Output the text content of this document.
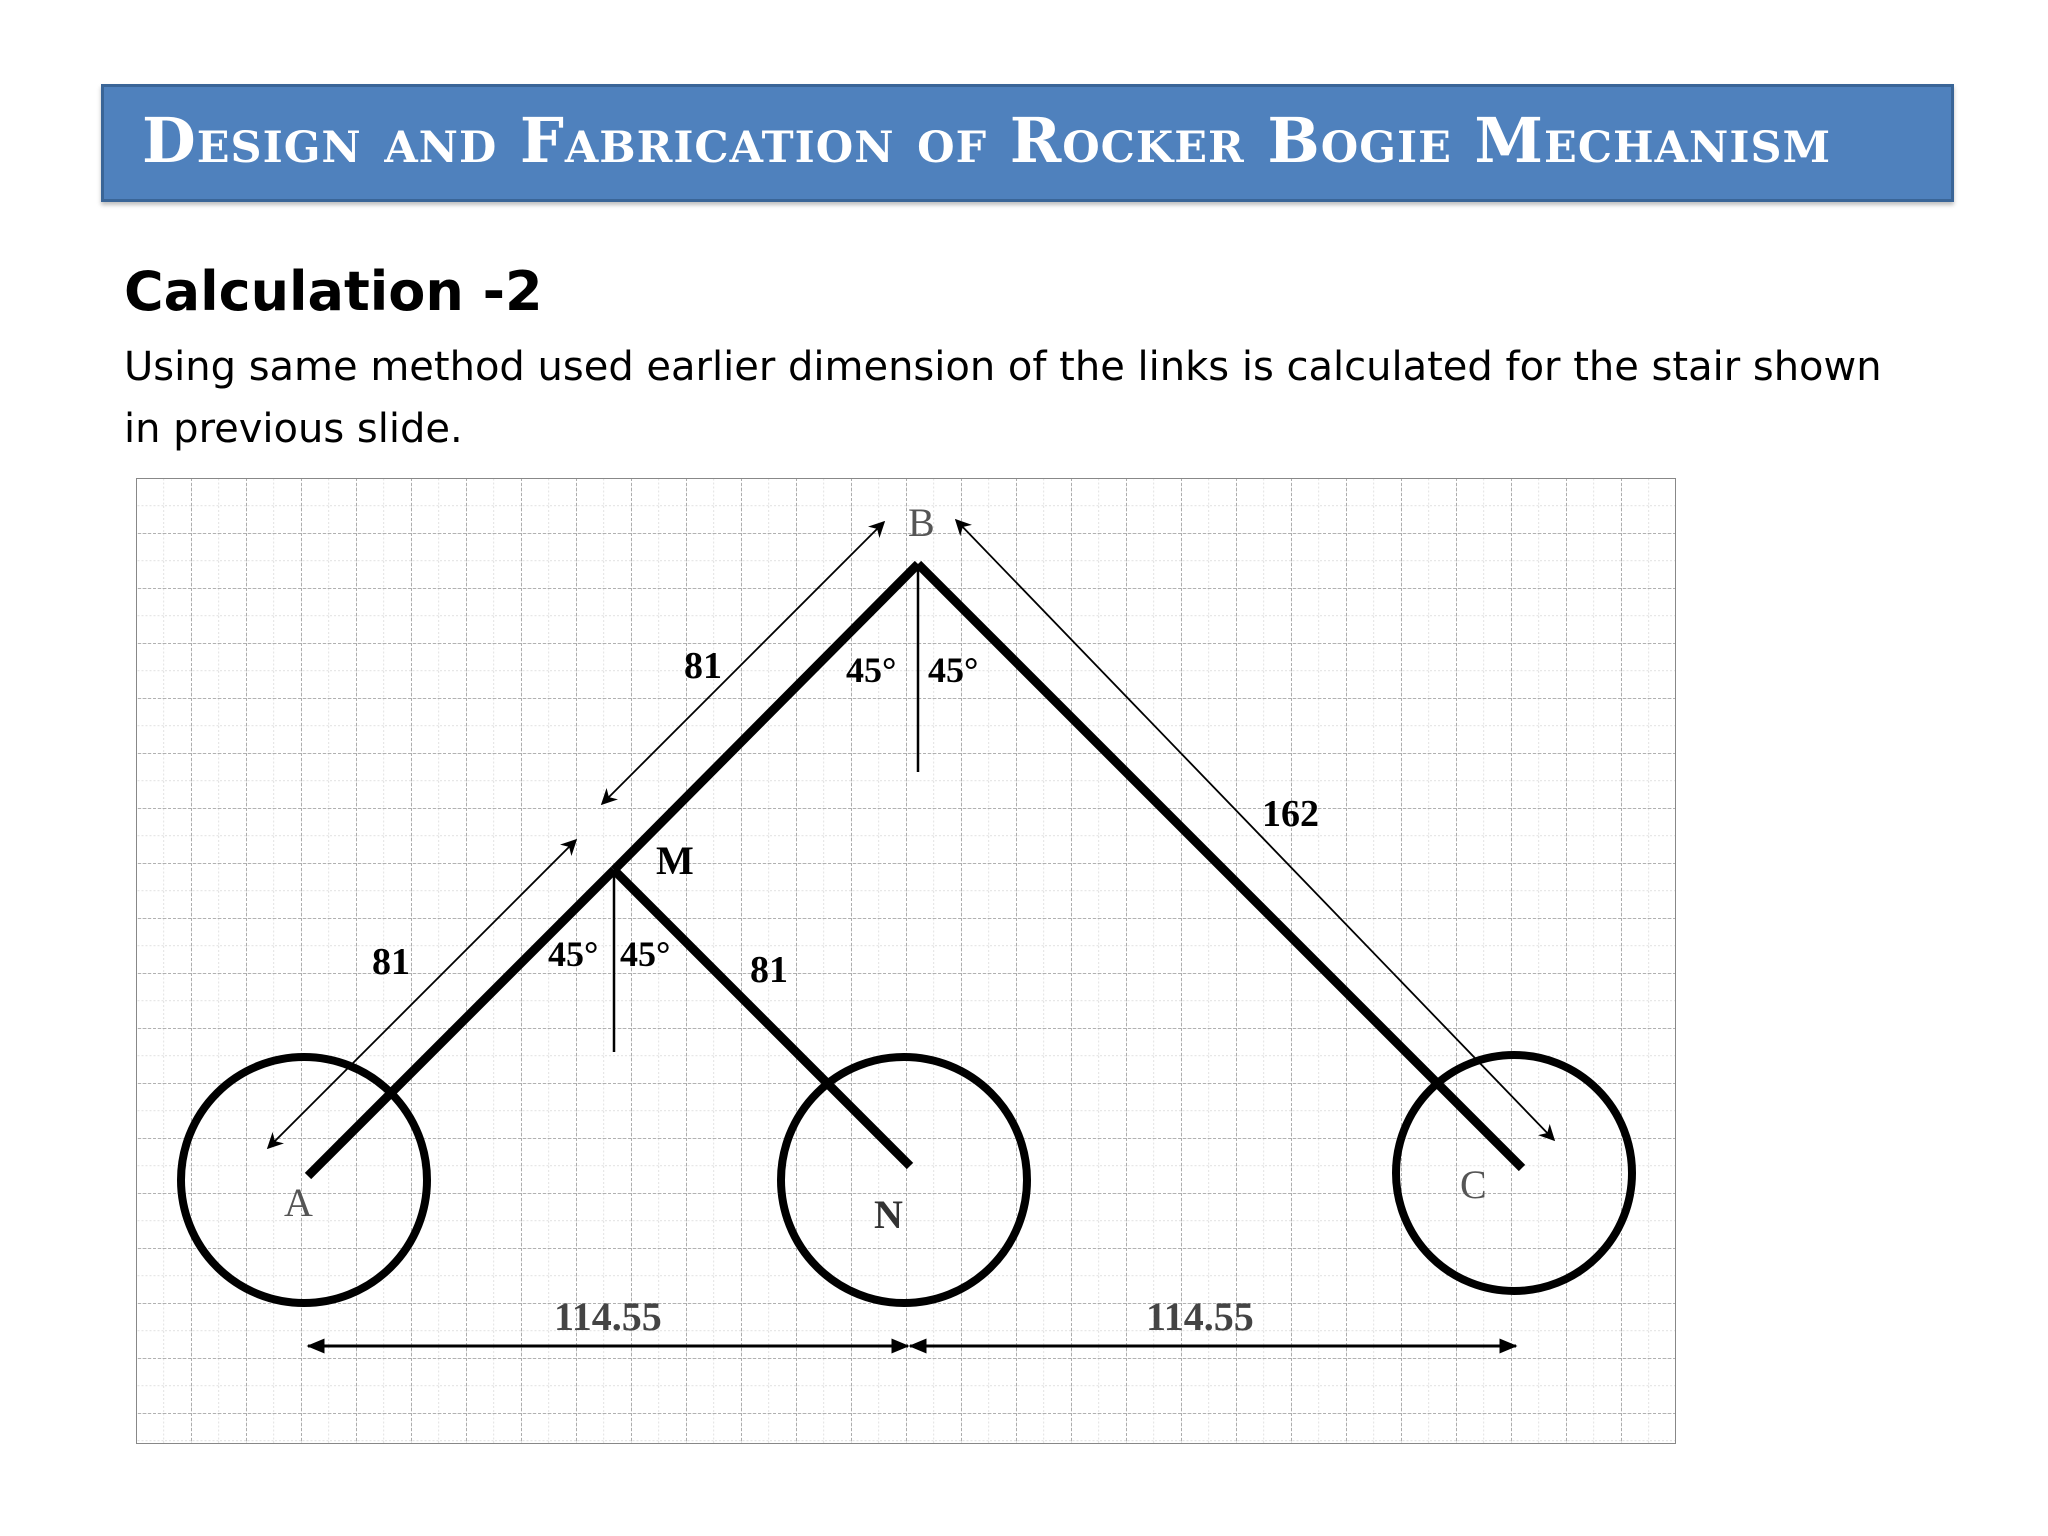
Design and Fabrication of Rocker Bogie Mechanism
Calculation -2

Using same method used earlier dimension of the links is calculated for the stair shown in previous slide.

B
M
A	N
C
45° 45°
45° 45°
81
81	81
162
114.55	114.55
